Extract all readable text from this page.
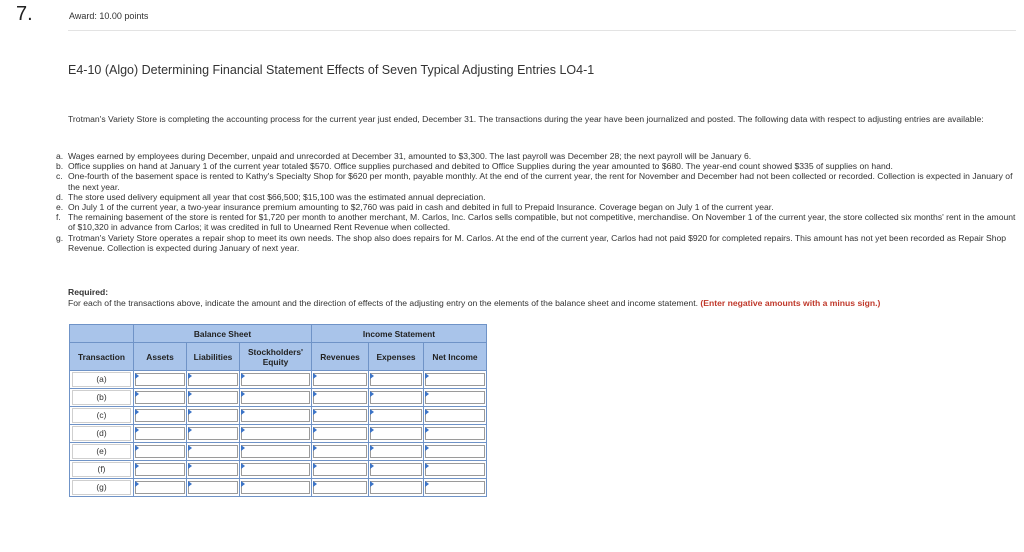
7.	Award: 10.00 points
E4-10 (Algo) Determining Financial Statement Effects of Seven Typical Adjusting Entries LO4-1
Trotman's Variety Store is completing the accounting process for the current year just ended, December 31. The transactions during the year have been journalized and posted. The following data with respect to adjusting entries are available:
a. Wages earned by employees during December, unpaid and unrecorded at December 31, amounted to $3,300. The last payroll was December 28; the next payroll will be January 6.
b. Office supplies on hand at January 1 of the current year totaled $570. Office supplies purchased and debited to Office Supplies during the year amounted to $680. The year-end count showed $335 of supplies on hand.
c. One-fourth of the basement space is rented to Kathy's Specialty Shop for $620 per month, payable monthly. At the end of the current year, the rent for November and December had not been collected or recorded. Collection is expected in January of the next year.
d. The store used delivery equipment all year that cost $66,500; $15,100 was the estimated annual depreciation.
e. On July 1 of the current year, a two-year insurance premium amounting to $2,760 was paid in cash and debited in full to Prepaid Insurance. Coverage began on July 1 of the current year.
f. The remaining basement of the store is rented for $1,720 per month to another merchant, M. Carlos, Inc. Carlos sells compatible, but not competitive, merchandise. On November 1 of the current year, the store collected six months' rent in the amount of $10,320 in advance from Carlos; it was credited in full to Unearned Rent Revenue when collected.
g. Trotman's Variety Store operates a repair shop to meet its own needs. The shop also does repairs for M. Carlos. At the end of the current year, Carlos had not paid $920 for completed repairs. This amount has not yet been recorded as Repair Shop Revenue. Collection is expected during January of next year.
Required:
For each of the transactions above, indicate the amount and the direction of effects of the adjusting entry on the elements of the balance sheet and income statement. (Enter negative amounts with a minus sign.)
	Balance Sheet			Income Statement		
Transaction	Assets	Liabilities	Stockholders' Equity	Revenues	Expenses	Net Income

(a)						

(b)						

(c)						

(d)						

(e)						

(f)						

(g)						
